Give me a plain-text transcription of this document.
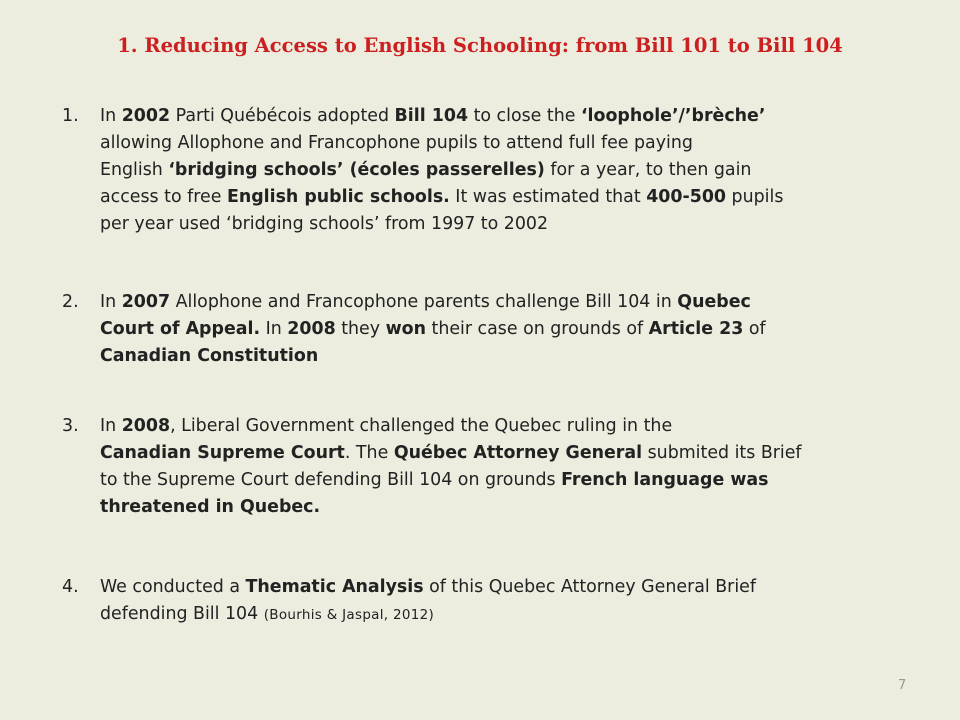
1. Reducing Access to English Schooling: from Bill 101 to Bill 104
1.	In 2002 Parti Québécois adopted Bill 104 to close the ‘loophole’/’brèche’
allowing Allophone and Francophone pupils to attend full fee paying
English ‘bridging schools’ (écoles passerelles) for a year, to then gain
access to free English public schools. It was estimated that 400-500 pupils
per year used ‘bridging schools’ from 1997 to 2002
2.	In 2007 Allophone and Francophone parents challenge Bill 104 in Quebec
Court of Appeal. In 2008 they won their case on grounds of Article 23 of
Canadian Constitution
3.	In 2008, Liberal Government challenged the Quebec ruling in the
Canadian Supreme Court. The Québec Attorney General submited its Brief
to the Supreme Court defending Bill 104 on grounds French language was
threatened in Quebec.
4.	We conducted a Thematic Analysis of this Quebec Attorney General Brief
defending Bill 104 (Bourhis & Jaspal, 2012)
7
